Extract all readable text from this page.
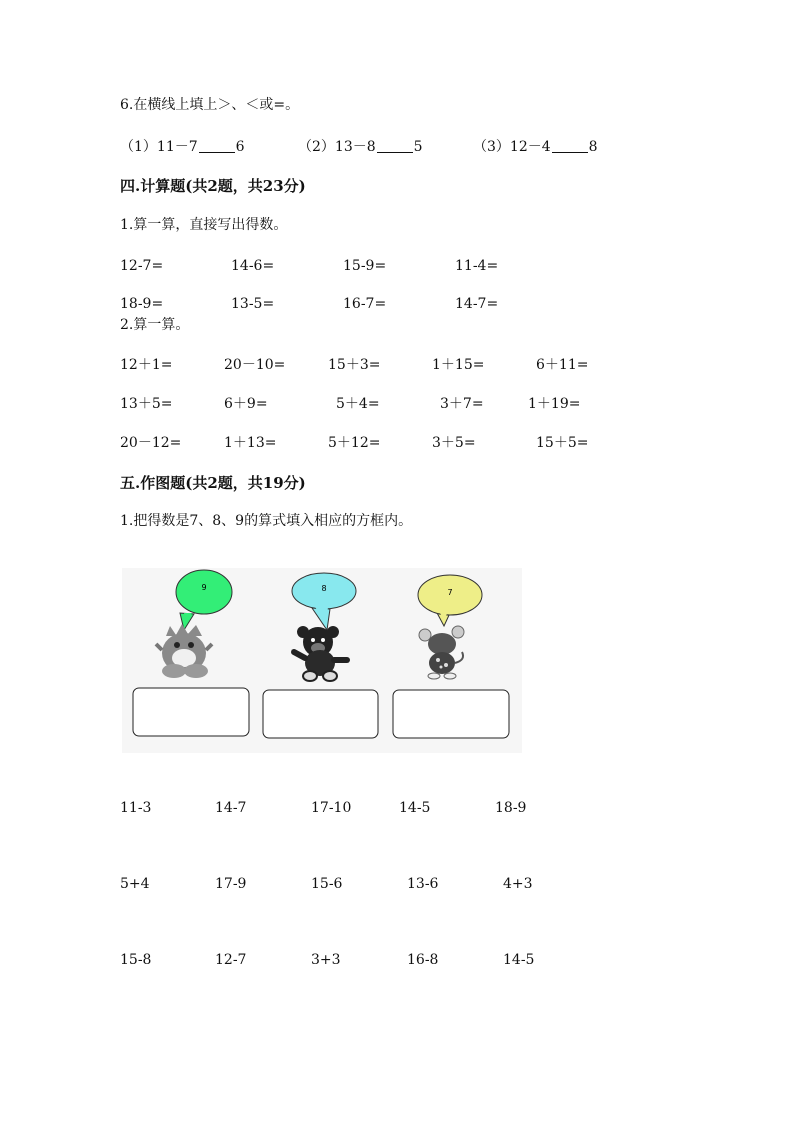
6.在横线上填上＞、＜或=。
（1）11－7	6	（2）13－8	5	（3）12－4	8
四.计算题(共2题，共23分)
1.算一算，直接写出得数。
12-7=	14-6=	15-9=	11-4=
18-9=	13-5=	16-7=	14-7=
2.算一算。
12＋1=	20－10=	15＋3=	1＋15=	6＋11=
13＋5=	6＋9=	5＋4=	3＋7=	1＋19=
20－12=	1＋13=	5＋12=	3＋5=	15＋5=
五.作图题(共2题，共19分)
1.把得数是7、8、9的算式填入相应的方框内。
9	8	7
11-3	14-7	17-10	14-5	18-9
5+4	17-9	15-6	13-6	4+3
15-8	12-7	3+3	16-8	14-5
